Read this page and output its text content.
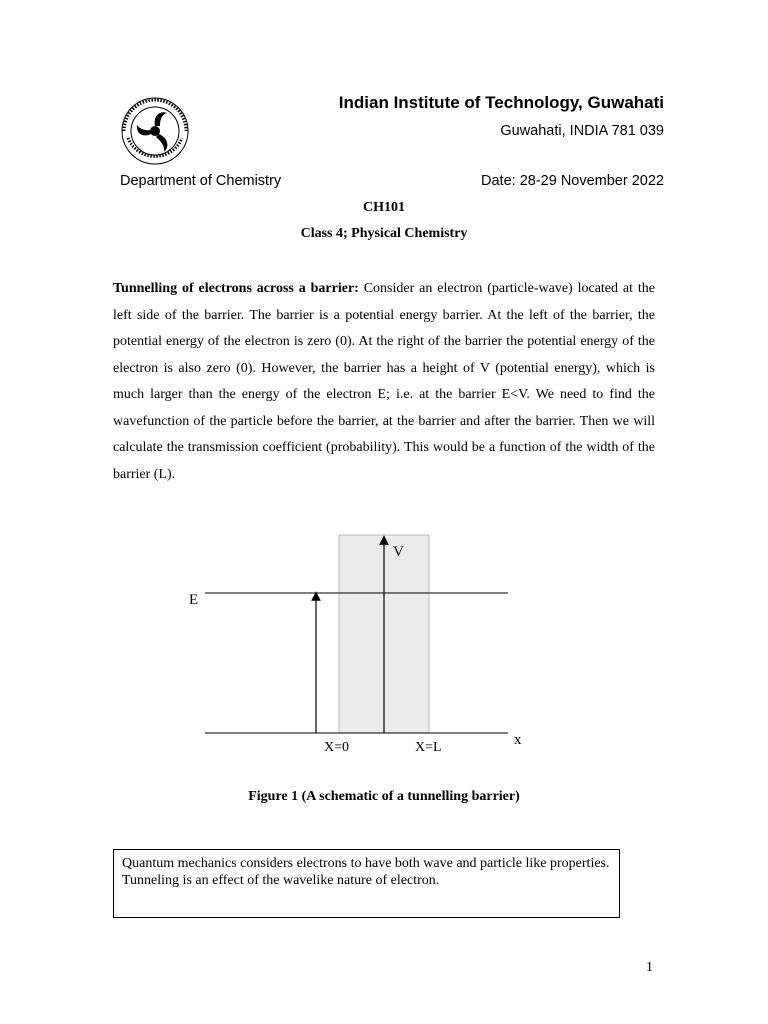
Indian Institute of Technology, Guwahati
Guwahati, INDIA 781 039
Department of Chemistry	Date: 28-29 November 2022
CH101
Class 4; Physical Chemistry

Tunnelling of electrons across a barrier: Consider an electron (particle-wave) located at the left side of the barrier. The barrier is a potential energy barrier. At the left of the barrier, the potential energy of the electron is zero (0). At the right of the barrier the potential energy of the electron is also zero (0). However, the barrier has a height of V (potential energy), which is much larger than the energy of the electron E; i.e. at the barrier E<V. We need to find the wavefunction of the particle before the barrier, at the barrier and after the barrier. Then we will calculate the transmission coefficient (probability). This would be a function of the width of the barrier (L).

E
V
x
X=0	X=L
Figure 1 (A schematic of a tunnelling barrier)
Quantum mechanics considers electrons to have both wave and particle like properties. Tunneling is an effect of the wavelike nature of electron.
1
